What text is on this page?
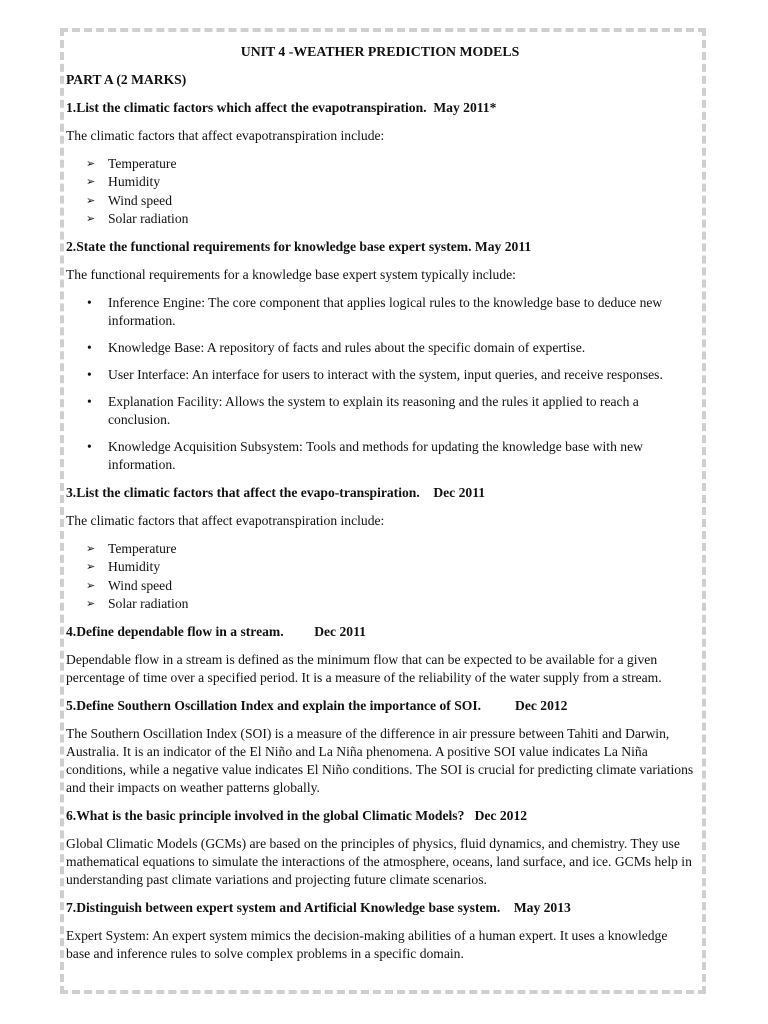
UNIT 4 -WEATHER PREDICTION MODELS
PART A (2 MARKS)
1.List the climatic factors which affect the evapotranspiration.  May 2011*

The climatic factors that affect evapotranspiration include:

➢ Temperature
➢ Humidity
➢ Wind speed
➢ Solar radiation
2.State the functional requirements for knowledge base expert system. May 2011

The functional requirements for a knowledge base expert system typically include:

• Inference Engine: The core component that applies logical rules to the knowledge base to deduce new information.
• Knowledge Base: A repository of facts and rules about the specific domain of expertise.
• User Interface: An interface for users to interact with the system, input queries, and receive responses.
• Explanation Facility: Allows the system to explain its reasoning and the rules it applied to reach a conclusion.
• Knowledge Acquisition Subsystem: Tools and methods for updating the knowledge base with new information.
3.List the climatic factors that affect the evapo-transpiration.    Dec 2011

The climatic factors that affect evapotranspiration include:

➢ Temperature
➢ Humidity
➢ Wind speed
➢ Solar radiation
4.Define dependable flow in a stream.         Dec 2011

Dependable flow in a stream is defined as the minimum flow that can be expected to be available for a given percentage of time over a specified period. It is a measure of the reliability of the water supply from a stream.

5.Define Southern Oscillation Index and explain the importance of SOI.          Dec 2012

The Southern Oscillation Index (SOI) is a measure of the difference in air pressure between Tahiti and Darwin, Australia. It is an indicator of the El Niño and La Niña phenomena. A positive SOI value indicates La Niña conditions, while a negative value indicates El Niño conditions. The SOI is crucial for predicting climate variations and their impacts on weather patterns globally.

6.What is the basic principle involved in the global Climatic Models?   Dec 2012

Global Climatic Models (GCMs) are based on the principles of physics, fluid dynamics, and chemistry. They use mathematical equations to simulate the interactions of the atmosphere, oceans, land surface, and ice. GCMs help in understanding past climate variations and projecting future climate scenarios.

7.Distinguish between expert system and Artificial Knowledge base system.    May 2013

Expert System: An expert system mimics the decision-making abilities of a human expert. It uses a knowledge base and inference rules to solve complex problems in a specific domain.
